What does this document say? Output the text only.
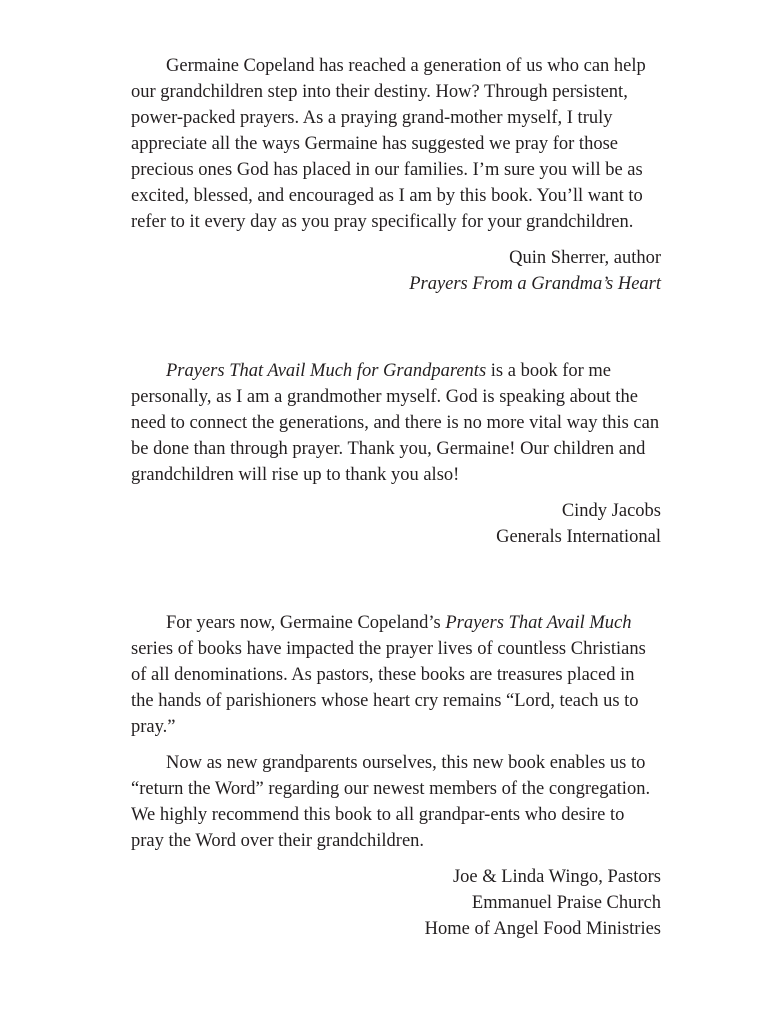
Germaine Copeland has reached a generation of us who can help our grandchildren step into their destiny. How? Through persistent, power-packed prayers. As a praying grand-mother myself, I truly appreciate all the ways Germaine has suggested we pray for those precious ones God has placed in our families. I’m sure you will be as excited, blessed, and encouraged as I am by this book. You’ll want to refer to it every day as you pray specifically for your grandchildren.

Quin Sherrer, author
Prayers From a Grandma’s Heart

Prayers That Avail Much for Grandparents is a book for me personally, as I am a grandmother myself. God is speaking about the need to connect the generations, and there is no more vital way this can be done than through prayer. Thank you, Germaine! Our children and grandchildren will rise up to thank you also!

Cindy Jacobs
Generals International

For years now, Germaine Copeland’s Prayers That Avail Much series of books have impacted the prayer lives of countless Christians of all denominations. As pastors, these books are treasures placed in the hands of parishioners whose heart cry remains “Lord, teach us to pray.”

Now as new grandparents ourselves, this new book enables us to “return the Word” regarding our newest members of the congregation. We highly recommend this book to all grandpar-ents who desire to pray the Word over their grandchildren.

Joe & Linda Wingo, Pastors
Emmanuel Praise Church
Home of Angel Food Ministries
